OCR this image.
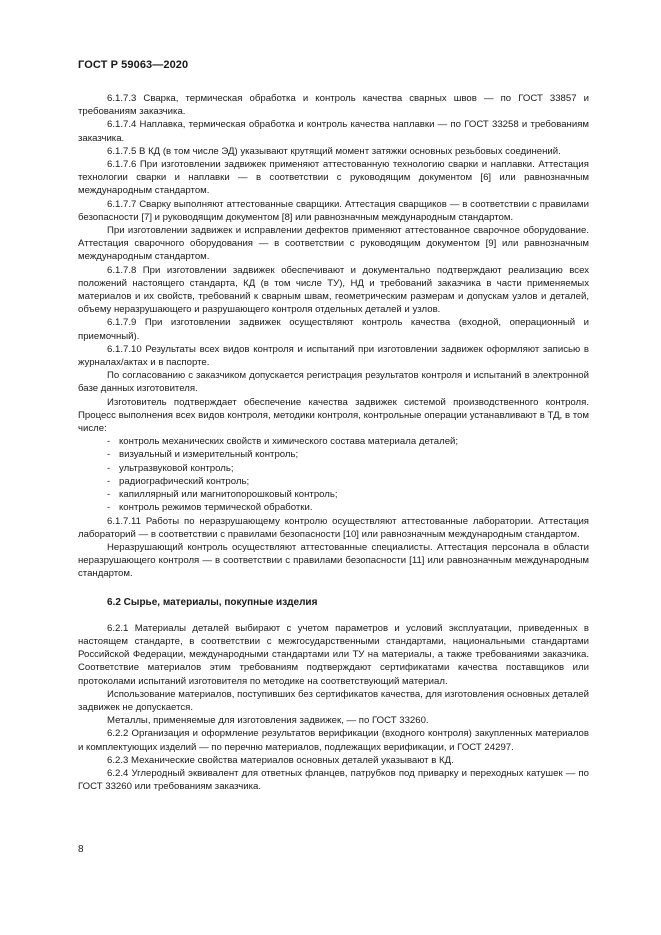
ГОСТ Р 59063—2020

6.1.7.3 Сварка, термическая обработка и контроль качества сварных швов — по ГОСТ 33857 и требованиям заказчика.

6.1.7.4 Наплавка, термическая обработка и контроль качества наплавки — по ГОСТ 33258 и требованиям заказчика.

6.1.7.5 В КД (в том числе ЭД) указывают крутящий момент затяжки основных резьбовых соединений.

6.1.7.6 При изготовлении задвижек применяют аттестованную технологию сварки и наплавки. Аттестация технологии сварки и наплавки — в соответствии с руководящим документом [6] или равнозначным международным стандартом.

6.1.7.7 Сварку выполняют аттестованные сварщики. Аттестация сварщиков — в соответствии с правилами безопасности [7] и руководящим документом [8] или равнозначным международным стандартом.

При изготовлении задвижек и исправлении дефектов применяют аттестованное сварочное оборудование. Аттестация сварочного оборудования — в соответствии с руководящим документом [9] или равнозначным международным стандартом.

6.1.7.8 При изготовлении задвижек обеспечивают и документально подтверждают реализацию всех положений настоящего стандарта, КД (в том числе ТУ), НД и требований заказчика в части применяемых материалов и их свойств, требований к сварным швам, геометрическим размерам и допускам узлов и деталей, объему неразрушающего и разрушающего контроля отдельных деталей и узлов.

6.1.7.9 При изготовлении задвижек осуществляют контроль качества (входной, операционный и приемочный).

6.1.7.10 Результаты всех видов контроля и испытаний при изготовлении задвижек оформляют записью в журналах/актах и в паспорте.

По согласованию с заказчиком допускается регистрация результатов контроля и испытаний в электронной базе данных изготовителя.

Изготовитель подтверждает обеспечение качества задвижек системой производственного контроля. Процесс выполнения всех видов контроля, методики контроля, контрольные операции устанавливают в ТД, в том числе:

- контроль механических свойств и химического состава материала деталей;

- визуальный и измерительный контроль;

- ультразвуковой контроль;

- радиографический контроль;

- капиллярный или магнитопорошковый контроль;

- контроль режимов термической обработки.

6.1.7.11 Работы по неразрушающему контролю осуществляют аттестованные лаборатории. Аттестация лабораторий — в соответствии с правилами безопасности [10] или равнозначным международным стандартом.

Неразрушающий контроль осуществляют аттестованные специалисты. Аттестация персонала в области неразрушающего контроля — в соответствии с правилами безопасности [11] или равнозначным международным стандартом.

6.2 Сырье, материалы, покупные изделия

6.2.1 Материалы деталей выбирают с учетом параметров и условий эксплуатации, приведенных в настоящем стандарте, в соответствии с межгосударственными стандартами, национальными стандартами Российской Федерации, международными стандартами или ТУ на материалы, а также требованиями заказчика. Соответствие материалов этим требованиям подтверждают сертификатами качества поставщиков или протоколами испытаний изготовителя по методике на соответствующий материал.

Использование материалов, поступивших без сертификатов качества, для изготовления основных деталей задвижек не допускается.

Металлы, применяемые для изготовления задвижек, — по ГОСТ 33260.

6.2.2 Организация и оформление результатов верификации (входного контроля) закупленных материалов и комплектующих изделий — по перечню материалов, подлежащих верификации, и ГОСТ 24297.

6.2.3 Механические свойства материалов основных деталей указывают в КД.

6.2.4 Углеродный эквивалент для ответных фланцев, патрубков под приварку и переходных катушек — по ГОСТ 33260 или требованиям заказчика.

8
